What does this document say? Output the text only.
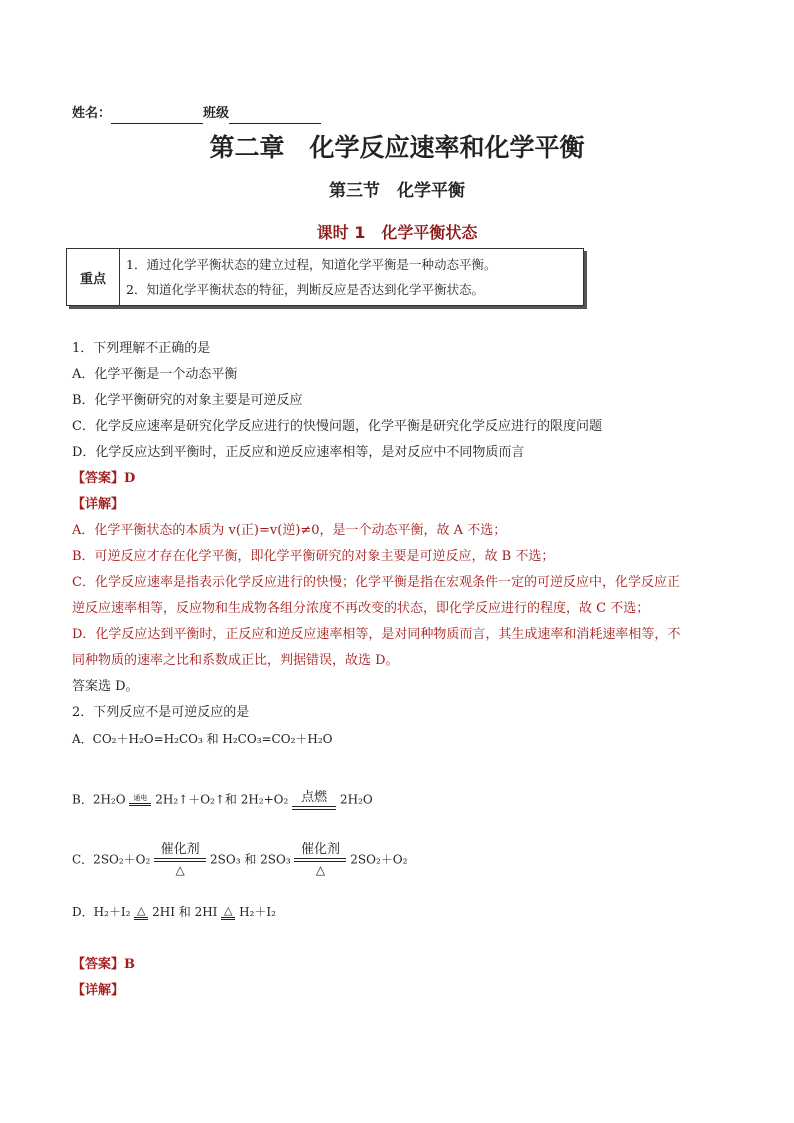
姓名：	班级
第二章　化学反应速率和化学平衡
第三节　化学平衡
课时 1　化学平衡状态
重点
1．通过化学平衡状态的建立过程，知道化学平衡是一种动态平衡。
2．知道化学平衡状态的特征，判断反应是否达到化学平衡状态。
1．下列理解不正确的是
A．化学平衡是一个动态平衡
B．化学平衡研究的对象主要是可逆反应
C．化学反应速率是研究化学反应进行的快慢问题，化学平衡是研究化学反应进行的限度问题
D．化学反应达到平衡时，正反应和逆反应速率相等，是对反应中不同物质而言
【答案】D
【详解】
A．化学平衡状态的本质为 v(正)=v(逆)≠0，是一个动态平衡，故 A 不选；
B．可逆反应才存在化学平衡，即化学平衡研究的对象主要是可逆反应，故 B 不选；
C．化学反应速率是指表示化学反应进行的快慢；化学平衡是指在宏观条件一定的可逆反应中，化学反应正
逆反应速率相等，反应物和生成物各组分浓度不再改变的状态，即化学反应进行的程度，故 C 不选；
D．化学反应达到平衡时，正反应和逆反应速率相等，是对同种物质而言，其生成速率和消耗速率相等，不
同种物质的速率之比和系数成正比，判据错误，故选 D。
答案选 D。
2．下列反应不是可逆反应的是
A．CO₂＋H₂O=H₂CO₃ 和 H₂CO₃=CO₂＋H₂O
B．2H₂O	通电 2H₂↑＋O₂↑和 2H₂+O₂ 点燃	2H₂O
C．2SO₂＋O₂
催化剂
△
2SO₃ 和 2SO₃
催化剂
△
2SO₂＋O₂
D．H₂＋I₂ △ 2HI 和 2HI △ H₂＋I₂
【答案】B
【详解】
